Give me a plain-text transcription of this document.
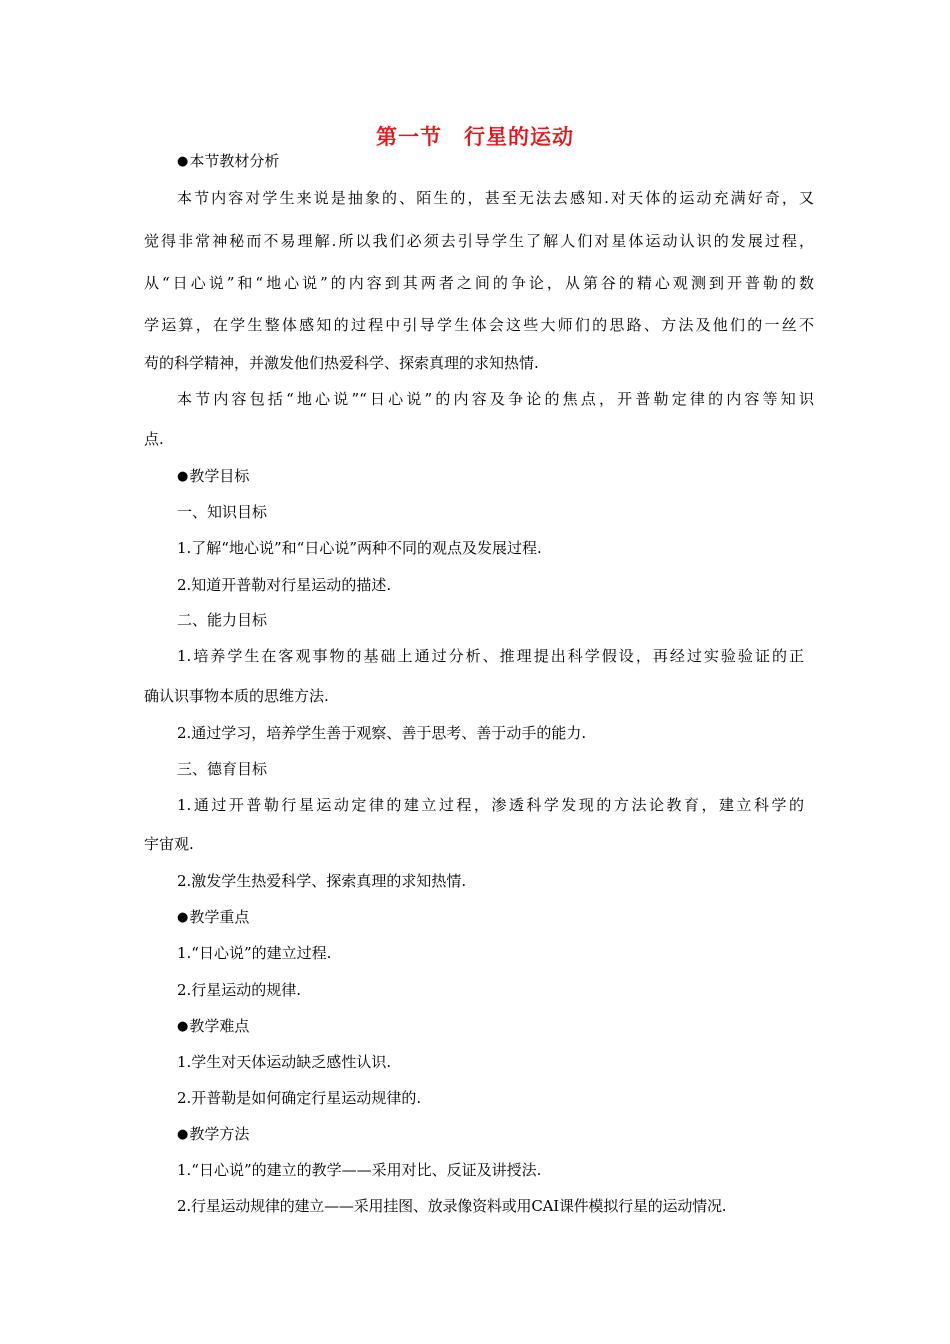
第一节 行星的运动
●本节教材分析
本节内容对学生来说是抽象的、陌生的，甚至无法去感知.对天体的运动充满好奇，又
觉得非常神秘而不易理解.所以我们必须去引导学生了解人们对星体运动认识的发展过程，
从“日心说”和“地心说”的内容到其两者之间的争论，从第谷的精心观测到开普勒的数
学运算，在学生整体感知的过程中引导学生体会这些大师们的思路、方法及他们的一丝不
苟的科学精神，并激发他们热爱科学、探索真理的求知热情.
本节内容包括“地心说”“日心说”的内容及争论的焦点，开普勒定律的内容等知识
点.
●教学目标
一、知识目标
1.了解“地心说”和“日心说”两种不同的观点及发展过程.
2.知道开普勒对行星运动的描述.
二、能力目标
1.培养学生在客观事物的基础上通过分析、推理提出科学假设，再经过实验验证的正
确认识事物本质的思维方法.
2.通过学习，培养学生善于观察、善于思考、善于动手的能力.
三、德育目标
1.通过开普勒行星运动定律的建立过程，渗透科学发现的方法论教育，建立科学的
宇宙观.
2.激发学生热爱科学、探索真理的求知热情.
●教学重点
1.“日心说”的建立过程.
2.行星运动的规律.
●教学难点
1.学生对天体运动缺乏感性认识.
2.开普勒是如何确定行星运动规律的.
●教学方法
1.“日心说”的建立的教学——采用对比、反证及讲授法.
2.行星运动规律的建立——采用挂图、放录像资料或用CAI课件模拟行星的运动情况.
